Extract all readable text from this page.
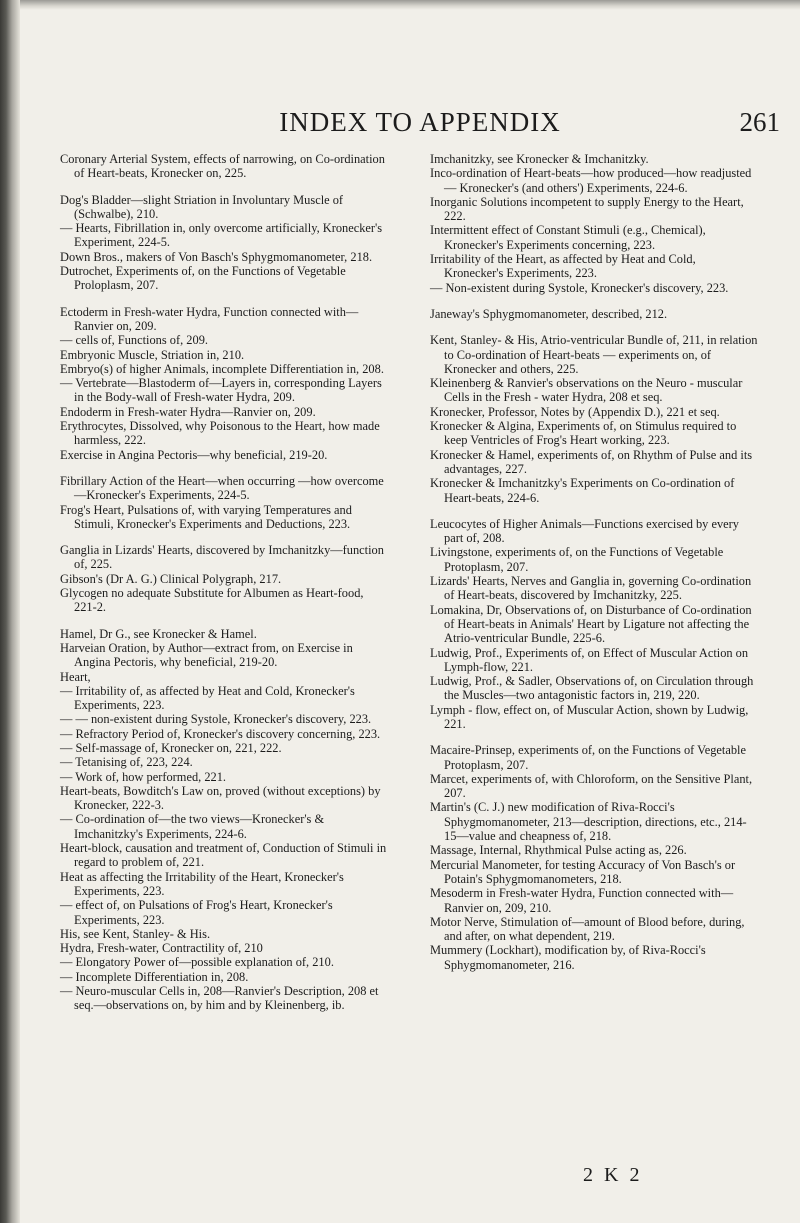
INDEX TO APPENDIX	261

Coronary Arterial System, effects of narrowing, on Co-ordination of Heart-beats, Kronecker on, 225.

Dog's Bladder—slight Striation in Involuntary Muscle of (Schwalbe), 210.

— Hearts, Fibrillation in, only overcome artificially, Kronecker's Experiment, 224-5.

Down Bros., makers of Von Basch's Sphygmomanometer, 218.

Dutrochet, Experiments of, on the Functions of Vegetable Proloplasm, 207.

Ectoderm in Fresh-water Hydra, Function connected with—Ranvier on, 209.

— cells of, Functions of, 209.

Embryonic Muscle, Striation in, 210.

Embryo(s) of higher Animals, incomplete Differentiation in, 208.

— Vertebrate—Blastoderm of—Layers in, corresponding Layers in the Body-wall of Fresh-water Hydra, 209.

Endoderm in Fresh-water Hydra—Ranvier on, 209.

Erythrocytes, Dissolved, why Poisonous to the Heart, how made harmless, 222.

Exercise in Angina Pectoris—why beneficial, 219-20.

Fibrillary Action of the Heart—when occurring —how overcome—Kronecker's Experiments, 224-5.

Frog's Heart, Pulsations of, with varying Temperatures and Stimuli, Kronecker's Experiments and Deductions, 223.

Ganglia in Lizards' Hearts, discovered by Imchanitzky—function of, 225.

Gibson's (Dr A. G.) Clinical Polygraph, 217.

Glycogen no adequate Substitute for Albumen as Heart-food, 221-2.

Hamel, Dr G., see Kronecker & Hamel.

Harveian Oration, by Author—extract from, on Exercise in Angina Pectoris, why beneficial, 219-20.

Heart,

— Irritability of, as affected by Heat and Cold, Kronecker's Experiments, 223.

— — non-existent during Systole, Kronecker's discovery, 223.

— Refractory Period of, Kronecker's discovery concerning, 223.

— Self-massage of, Kronecker on, 221, 222.

— Tetanising of, 223, 224.

— Work of, how performed, 221.

Heart-beats, Bowditch's Law on, proved (without exceptions) by Kronecker, 222-3.

— Co-ordination of—the two views—Kronecker's & Imchanitzky's Experiments, 224-6.

Heart-block, causation and treatment of, Conduction of Stimuli in regard to problem of, 221.

Heat as affecting the Irritability of the Heart, Kronecker's Experiments, 223.

— effect of, on Pulsations of Frog's Heart, Kronecker's Experiments, 223.

His, see Kent, Stanley- & His.

Hydra, Fresh-water, Contractility of, 210

— Elongatory Power of—possible explanation of, 210.

— Incomplete Differentiation in, 208.

— Neuro-muscular Cells in, 208—Ranvier's Description, 208 et seq.—observations on, by him and by Kleinenberg, ib.

Imchanitzky, see Kronecker & Imchanitzky.

Inco-ordination of Heart-beats—how produced—how readjusted — Kronecker's (and others') Experiments, 224-6.

Inorganic Solutions incompetent to supply Energy to the Heart, 222.

Intermittent effect of Constant Stimuli (e.g., Chemical), Kronecker's Experiments concerning, 223.

Irritability of the Heart, as affected by Heat and Cold, Kronecker's Experiments, 223.

— Non-existent during Systole, Kronecker's discovery, 223.

Janeway's Sphygmomanometer, described, 212.

Kent, Stanley- & His, Atrio-ventricular Bundle of, 211, in relation to Co-ordination of Heart-beats — experiments on, of Kronecker and others, 225.

Kleinenberg & Ranvier's observations on the Neuro - muscular Cells in the Fresh - water Hydra, 208 et seq.

Kronecker, Professor, Notes by (Appendix D.), 221 et seq.

Kronecker & Algina, Experiments of, on Stimulus required to keep Ventricles of Frog's Heart working, 223.

Kronecker & Hamel, experiments of, on Rhythm of Pulse and its advantages, 227.

Kronecker & Imchanitzky's Experiments on Co-ordination of Heart-beats, 224-6.

Leucocytes of Higher Animals—Functions exercised by every part of, 208.

Livingstone, experiments of, on the Functions of Vegetable Protoplasm, 207.

Lizards' Hearts, Nerves and Ganglia in, governing Co-ordination of Heart-beats, discovered by Imchanitzky, 225.

Lomakina, Dr, Observations of, on Disturbance of Co-ordination of Heart-beats in Animals' Heart by Ligature not affecting the Atrio-ventricular Bundle, 225-6.

Ludwig, Prof., Experiments of, on Effect of Muscular Action on Lymph-flow, 221.

Ludwig, Prof., & Sadler, Observations of, on Circulation through the Muscles—two antagonistic factors in, 219, 220.

Lymph - flow, effect on, of Muscular Action, shown by Ludwig, 221.

Macaire-Prinsep, experiments of, on the Functions of Vegetable Protoplasm, 207.

Marcet, experiments of, with Chloroform, on the Sensitive Plant, 207.

Martin's (C. J.) new modification of Riva-Rocci's Sphygmomanometer, 213—description, directions, etc., 214-15—value and cheapness of, 218.

Massage, Internal, Rhythmical Pulse acting as, 226.

Mercurial Manometer, for testing Accuracy of Von Basch's or Potain's Sphygmomanometers, 218.

Mesoderm in Fresh-water Hydra, Function connected with—Ranvier on, 209, 210.

Motor Nerve, Stimulation of—amount of Blood before, during, and after, on what dependent, 219.

Mummery (Lockhart), modification by, of Riva-Rocci's Sphygmomanometer, 216.

2 K 2
